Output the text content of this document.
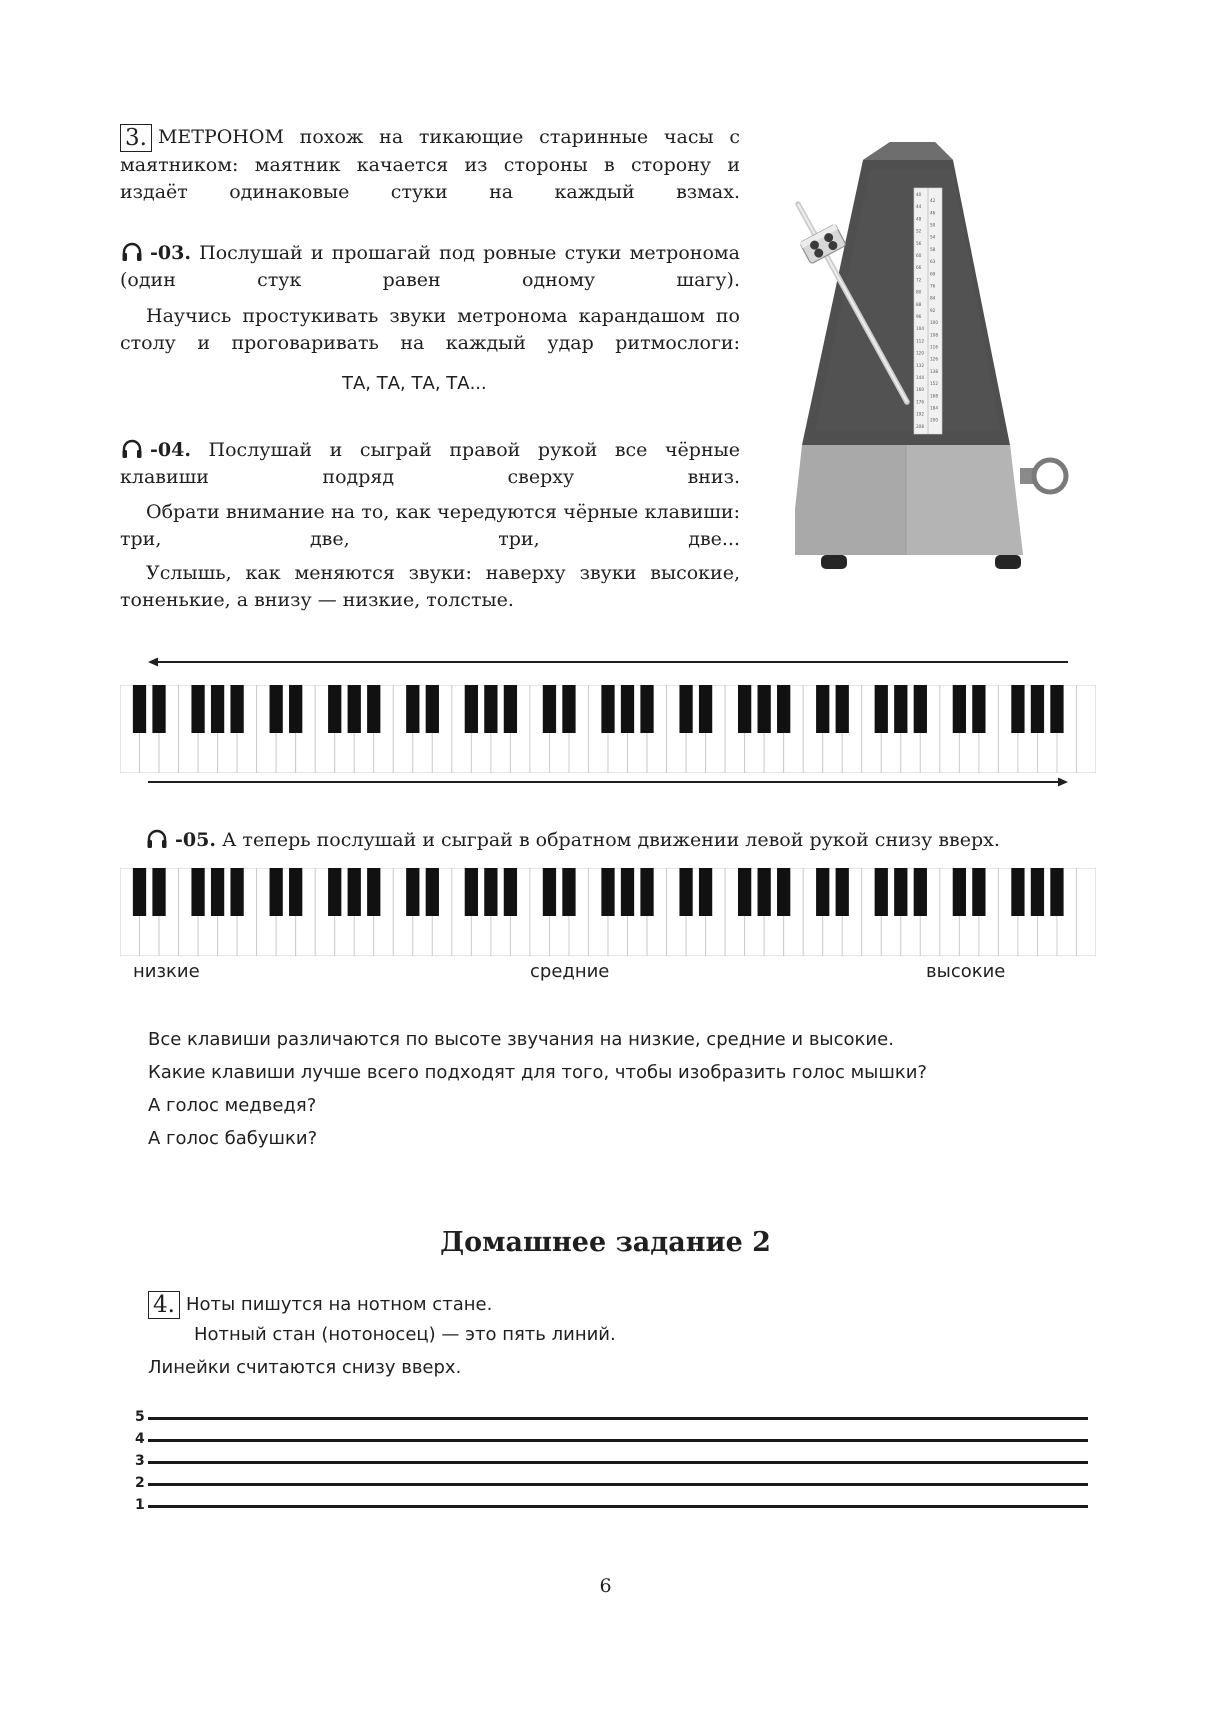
3. МЕТРОНОМ похож на тикающие старинные часы с маятником: маятник качается из стороны в сторону и издаёт одинаковые стуки на каждый взмах.
-03. Послушай и прошагай под ровные стуки метронома (один стук равен одному шагу).
Научись простукивать звуки метронома карандашом по столу и проговаривать на каждый удар ритмослоги:
ТА, ТА, ТА, ТА...
-04. Послушай и сыграй правой рукой все чёрные клавиши подряд сверху вниз.
Обрати внимание на то, как чередуются чёрные клавиши: три, две, три, две...
Услышь, как меняются звуки: наверху звуки высокие, тоненькие, а внизу — низкие, толстые.
40
42
44
46
48
50
52
54
56
58
60
63
66
69
72
76
80
84
88
92
96
100
104
108
112
116
120
126
132
138
144
152
160
168
176
184
192
200
208
-05. А теперь послушай и сыграй в обратном движении левой рукой снизу вверх.
низкие	средние	высокие
Все клавиши различаются по высоте звучания на низкие, средние и высокие.
Какие клавиши лучше всего подходят для того, чтобы изобразить голос мышки?
А голос медведя?
А голос бабушки?
Домашнее задание 2
4. Ноты пишутся на нотном стане.
Нотный стан (нотоносец) — это пять линий.
Линейки считаются снизу вверх.
5
4
3
2
1
6
